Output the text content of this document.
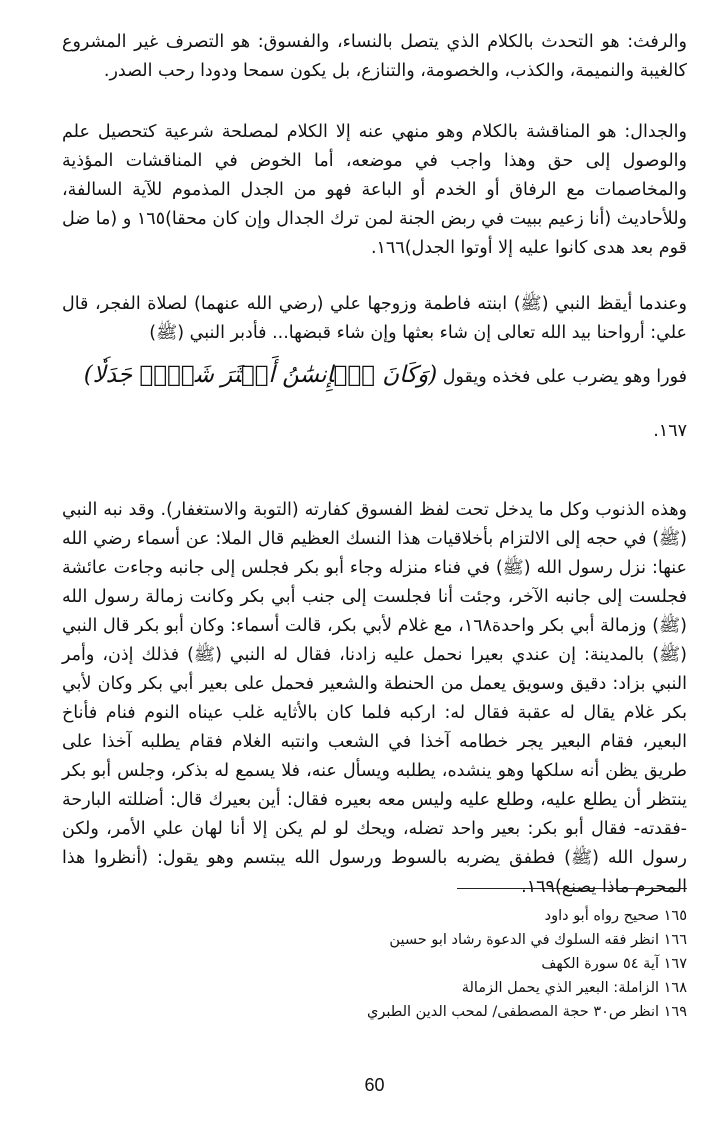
والرفث: هو التحدث بالكلام الذي يتصل بالنساء، والفسوق: هو التصرف غير المشروع كالغيبة والنميمة، والكذب، والخصومة، والتنازع، بل يكون سمحا ودودا رحب الصدر.

والجدال: هو المناقشة بالكلام وهو منهي عنه إلا الكلام لمصلحة شرعية كتحصيل علم والوصول إلى حق وهذا واجب في موضعه، أما الخوض في المناقشات المؤذية والمخاصمات مع الرفاق أو الخدم أو الباعة فهو من الجدل المذموم للآية السالفة، وللأحاديث (أنا زعيم ببيت في ربض الجنة لمن ترك الجدال وإن كان محقا)١٦٥ و (ما ضل قوم بعد هدى كانوا عليه إلا أوتوا الجدل)١٦٦.

وعندما أيقظ النبي (ﷺ) ابنته فاطمة وزوجها علي (رضي الله عنهما) لصلاة الفجر، قال علي: أرواحنا بيد الله تعالى إن شاء بعثها وإن شاء قبضها... فأدبر النبي (ﷺ)

فورا وهو يضرب على فخذه ويقول (وَكَانَ ٱلۡإِنسَٰنُ أَكۡثَرَ شَيۡءٖ جَدَلٗا) ١٦٧.

وهذه الذنوب وكل ما يدخل تحت لفظ الفسوق كفارته (التوبة والاستغفار). وقد نبه النبي (ﷺ) في حجه إلى الالتزام بأخلاقيات هذا النسك العظيم قال الملا: عن أسماء رضي الله عنها: نزل رسول الله (ﷺ) في فناء منزله وجاء أبو بكر فجلس إلى جانبه وجاءت عائشة فجلست إلى جانبه الآخر، وجئت أنا فجلست إلى جنب أبي بكر وكانت زمالة رسول الله (ﷺ) وزمالة أبي بكر واحدة١٦٨، مع غلام لأبي بكر، قالت أسماء: وكان أبو بكر قال النبي (ﷺ) بالمدينة: إن عندي بعيرا نحمل عليه زادنا، فقال له النبي (ﷺ) فذلك إذن، وأمر النبي بزاد: دقيق وسويق يعمل من الحنطة والشعير فحمل على بعير أبي بكر وكان لأبي بكر غلام يقال له عقبة فقال له: اركبه فلما كان بالأثايه غلب عيناه النوم فنام فأناخ البعير، فقام البعير يجر خطامه آخذا في الشعب وانتبه الغلام فقام يطلبه آخذا على طريق يظن أنه سلكها وهو ينشده، يطلبه ويسأل عنه، فلا يسمع له بذكر، وجلس أبو بكر ينتظر أن يطلع عليه، وطلع عليه وليس معه بعيره فقال: أين بعيرك قال: أضللته البارحة -فقدته- فقال أبو بكر: بعير واحد تضله، ويحك لو لم يكن إلا أنا لهان علي الأمر، ولكن رسول الله (ﷺ) فطفق يضربه بالسوط ورسول الله يبتسم وهو يقول: (أنظروا هذا المحرم ماذا يصنع)١٦٩.

١٦٥ صحيح رواه أبو داود
١٦٦ انظر فقه السلوك في الدعوة رشاد ابو حسين
١٦٧ آية ٥٤ سورة الكهف
١٦٨ الزاملة: البعير الذي يحمل الزمالة
١٦٩ انظر ص٣٠ حجة المصطفى/ لمحب الدين الطبري
60
